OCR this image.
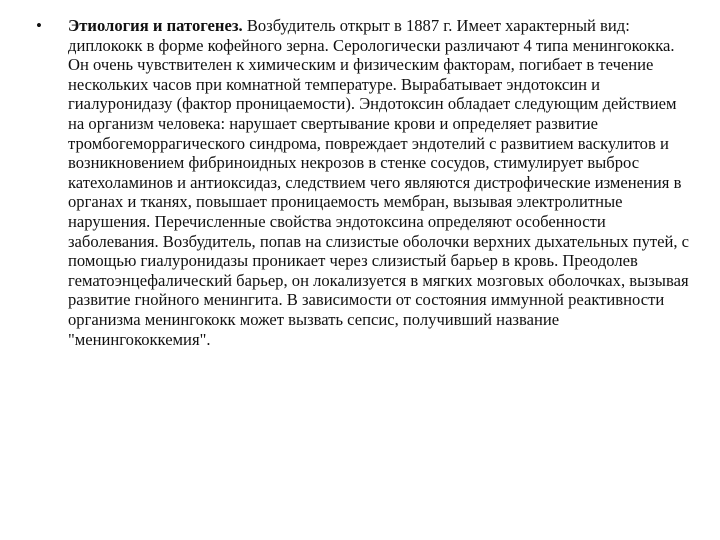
• Этиология и патогенез. Возбудитель открыт в 1887 г. Имеет характерный вид: диплококк в форме кофейного зерна. Серологически различают 4 типа менингококка. Он очень чувствителен к химическим и физическим факторам, погибает в течение нескольких часов при комнатной температуре. Вырабатывает эндотоксин и гиалуронидазу (фактор проницаемости). Эндотоксин обладает следующим действием на организм человека: нарушает свертывание крови и определяет развитие тромбогеморрагического синдрома, повреждает эндотелий с развитием васкулитов и возникновением фибриноидных некрозов в стенке сосудов, стимулирует выброс катехоламинов и антиоксидаз, следствием чего являются дистрофические изменения в органах и тканях, повышает проницаемость мембран, вызывая электролитные нарушения. Перечисленные свойства эндотоксина определяют особенности заболевания. Возбудитель, попав на слизистые оболочки верхних дыхательных путей, с помощью гиалуронидазы проникает через слизистый барьер в кровь. Преодолев гематоэнцефалический барьер, он локализуется в мягких мозговых оболочках, вызывая развитие гнойного менингита. В зависимости от состояния иммунной реактивности организма менингококк может вызвать сепсис, получивший название "менингококкемия".
